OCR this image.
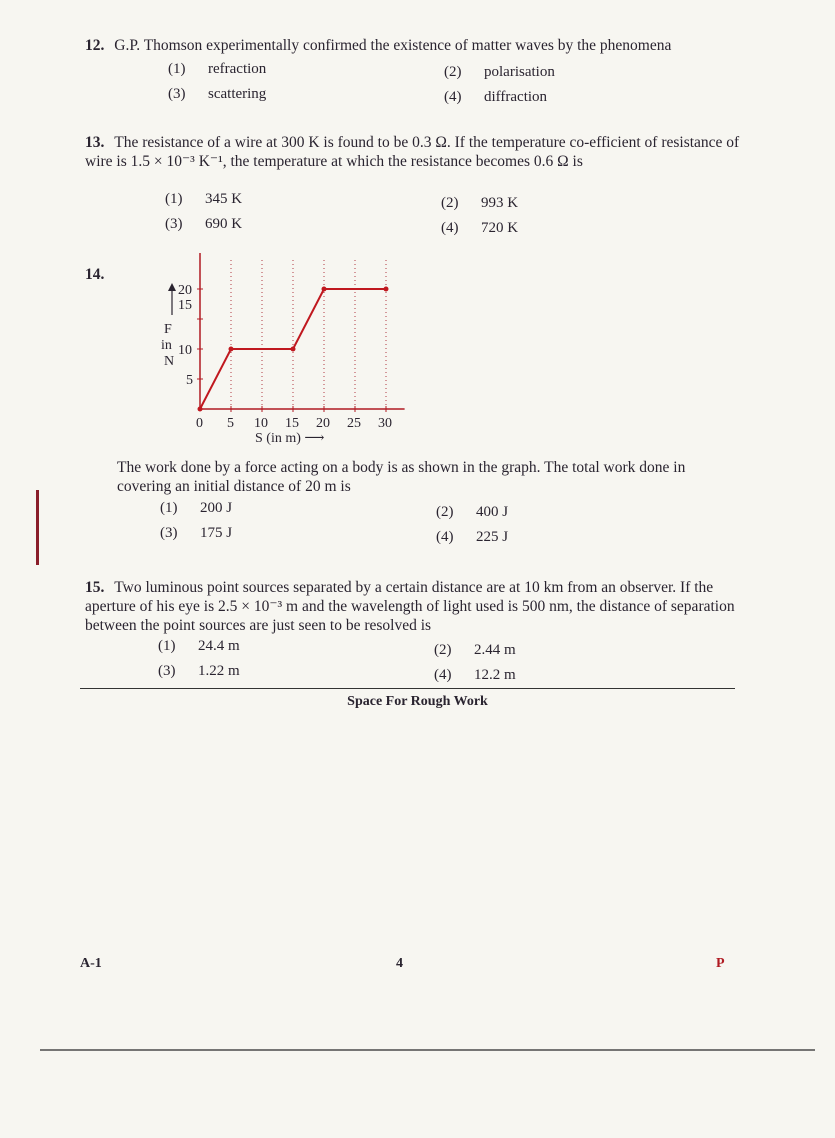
12. G.P. Thomson experimentally confirmed the existence of matter waves by the phenomena
(1) refraction	(2) polarisation
(3) scattering	(4) diffraction
13. The resistance of a wire at 300 K is found to be 0.3 Ω. If the temperature co-efficient of resistance of wire is 1.5 × 10⁻³ K⁻¹, the temperature at which the resistance becomes 0.6 Ω is
(1) 345 K	(2) 993 K
(3) 690 K	(4) 720 K
14.
F
in
N
0 5 10 15 20 25 30
5
15
10
20
S (in m) ⟶
The work done by a force acting on a body is as shown in the graph. The total work done in covering an initial distance of 20 m is
(1) 200 J	(2) 400 J
(3) 175 J	(4) 225 J
15. Two luminous point sources separated by a certain distance are at 10 km from an observer. If the aperture of his eye is 2.5 × 10⁻³ m and the wavelength of light used is 500 nm, the distance of separation between the point sources are just seen to be resolved is
(1) 24.4 m	(2) 2.44 m
(3) 1.22 m	(4) 12.2 m
Space For Rough Work
A-1	4	P
